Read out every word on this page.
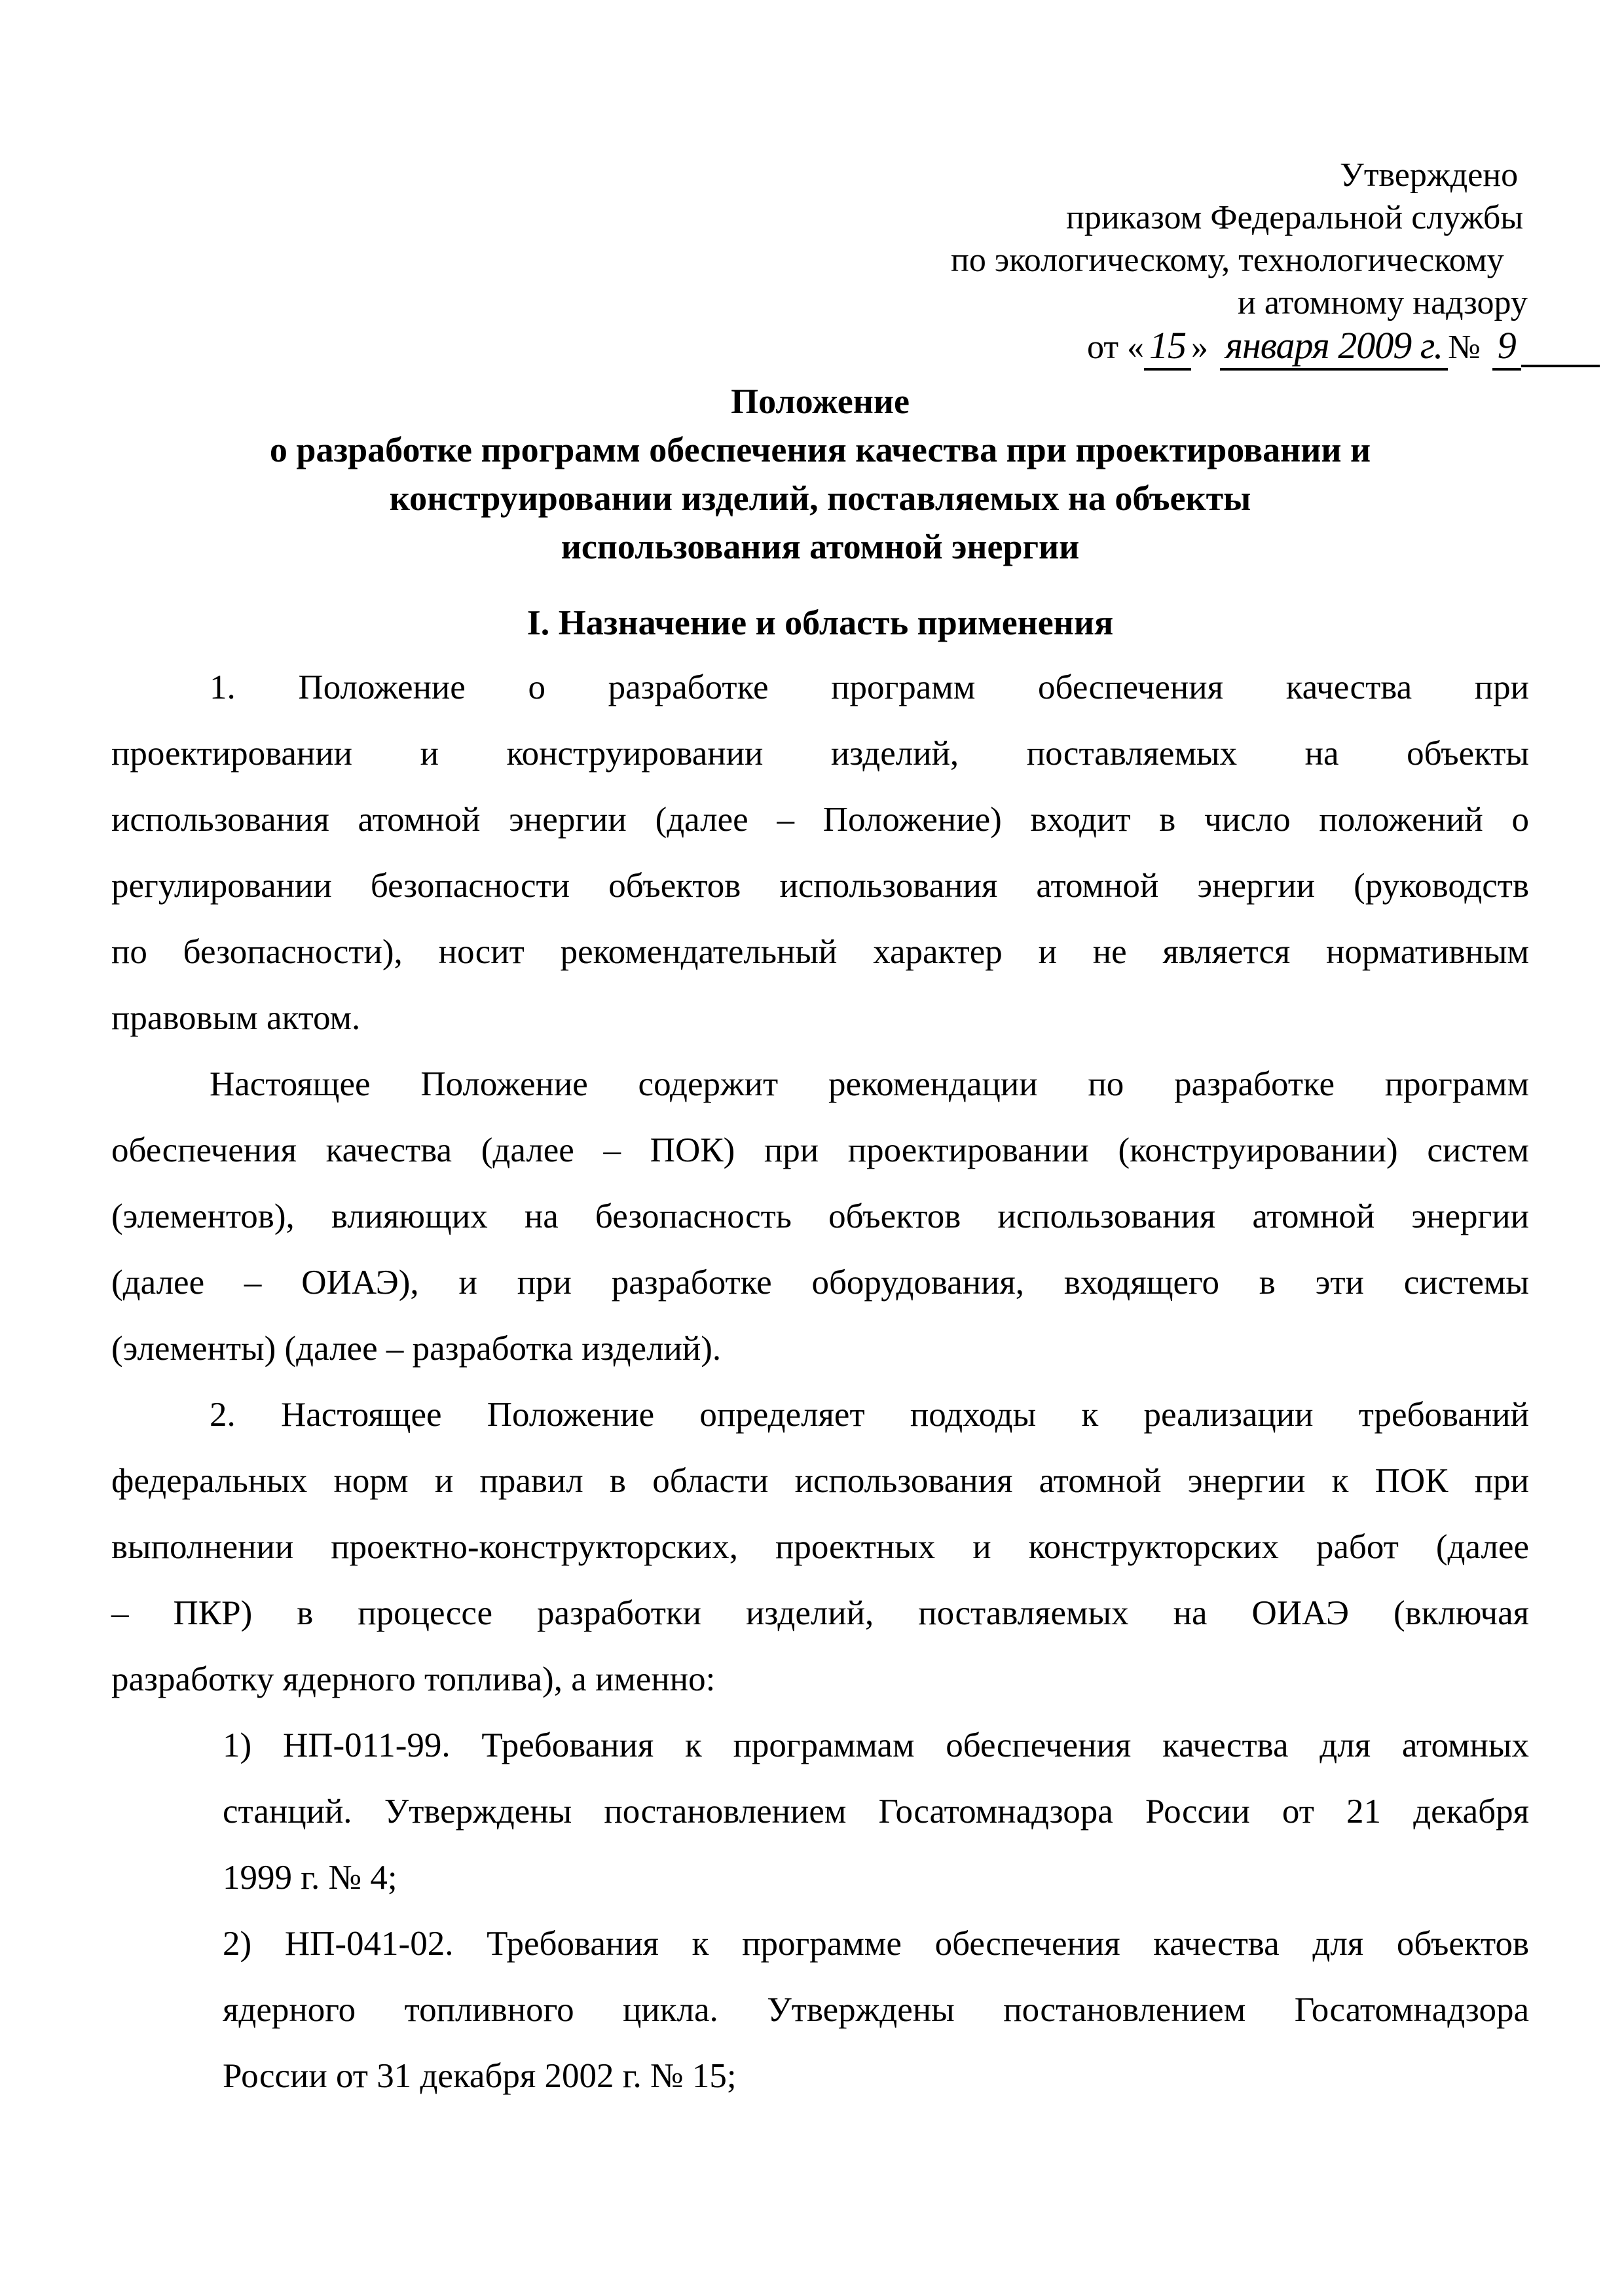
Утверждено
приказом Федеральной службы
по экологическому, технологическому
и атомному надзору
от « 15 » января 2009 г. № 9
Положение
о разработке программ обеспечения качества при проектировании и
конструировании изделий, поставляемых на объекты
использования атомной энергии
I. Назначение и область применения
1. Положение о разработке программ обеспечения качества при
проектировании и конструировании изделий, поставляемых на объекты
использования атомной энергии (далее – Положение) входит в число положений о
регулировании безопасности объектов использования атомной энергии (руководств
по безопасности), носит рекомендательный характер и не является нормативным
правовым актом.
Настоящее Положение содержит рекомендации по разработке программ
обеспечения качества (далее – ПОК) при проектировании (конструировании) систем
(элементов), влияющих на безопасность объектов использования атомной энергии
(далее – ОИАЭ), и при разработке оборудования, входящего в эти системы
(элементы) (далее – разработка изделий).
2. Настоящее Положение определяет подходы к реализации требований
федеральных норм и правил в области использования атомной энергии к ПОК при
выполнении проектно-конструкторских, проектных и конструкторских работ (далее
– ПКР) в процессе разработки изделий, поставляемых на ОИАЭ (включая
разработку ядерного топлива), а именно:
1) НП-011-99. Требования к программам обеспечения качества для атомных
станций. Утверждены постановлением Госатомнадзора России от 21 декабря
1999 г. № 4;
2) НП-041-02. Требования к программе обеспечения качества для объектов
ядерного топливного цикла. Утверждены постановлением Госатомнадзора
России от 31 декабря 2002 г. № 15;
